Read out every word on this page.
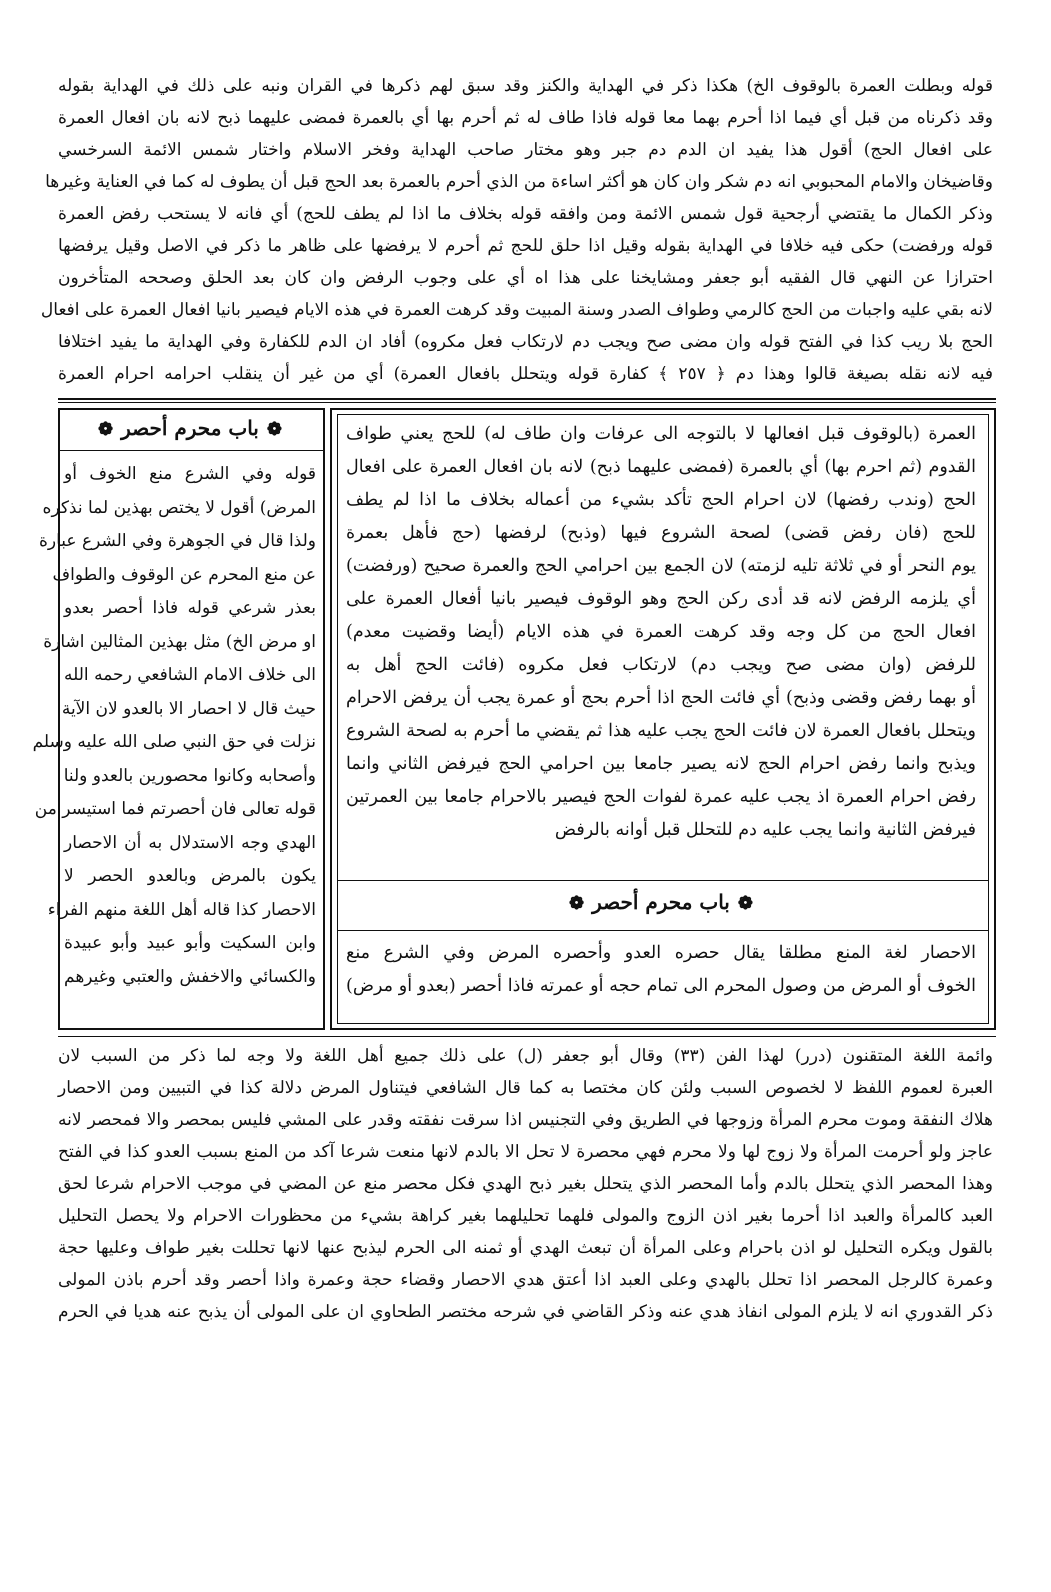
قوله وبطلت العمرة بالوقوف الخ) هكذا ذكر في الهداية والكنز وقد سبق لهم ذكرها في القران ونبه على ذلك في الهداية بقوله
وقد ذكرناه من قبل أي فيما اذا أحرم بهما معا قوله فاذا طاف له ثم أحرم بها أي بالعمرة فمضى عليهما ذبح لانه بان افعال العمرة
على افعال الحج) أقول هذا يفيد ان الدم دم جبر وهو مختار صاحب الهداية وفخر الاسلام واختار شمس الائمة السرخسي
وقاضيخان والامام المحبوبي انه دم شكر وان كان هو أكثر اساءة من الذي أحرم بالعمرة بعد الحج قبل أن يطوف له كما في العناية وغيرها
وذكر الكمال ما يقتضي أرجحية قول شمس الائمة ومن وافقه قوله بخلاف ما اذا لم يطف للحج) أي فانه لا يستحب رفض العمرة
قوله ورفضت) حكى فيه خلافا في الهداية بقوله وقيل اذا حلق للحج ثم أحرم لا يرفضها على ظاهر ما ذكر في الاصل وقيل يرفضها
احترازا عن النهي قال الفقيه أبو جعفر ومشايخنا على هذا اه أي على وجوب الرفض وان كان بعد الحلق وصححه المتأخرون
لانه بقي عليه واجبات من الحج كالرمي وطواف الصدر وسنة المبيت وقد كرهت العمرة في هذه الايام فيصير بانيا افعال العمرة على افعال
الحج بلا ريب كذا في الفتح قوله وان مضى صح ويجب دم لارتكاب فعل مكروه) أفاد ان الدم للكفارة وفي الهداية ما يفيد اختلافا
فيه لانه نقله بصيغة قالوا وهذا دم ﴿ ٢٥٧ ﴾ كفارة قوله ويتحلل بافعال العمرة) أي من غير أن ينقلب احرامه احرام العمرة
العمرة (بالوقوف قبل افعالها لا بالتوجه الى عرفات وان طاف له) للحج يعني طواف
القدوم (ثم احرم بها) أي بالعمرة (فمضى عليهما ذبح) لانه بان افعال العمرة على افعال
الحج (وندب رفضها) لان احرام الحج تأكد بشيء من أعماله بخلاف ما اذا لم يطف
للحج (فان رفض قضى) لصحة الشروع فيها (وذبح) لرفضها (حج فأهل بعمرة
يوم النحر أو في ثلاثة تليه لزمته) لان الجمع بين احرامي الحج والعمرة صحيح (ورفضت)
أي يلزمه الرفض لانه قد أدى ركن الحج وهو الوقوف فيصير بانيا أفعال العمرة على
افعال الحج من كل وجه وقد كرهت العمرة في هذه الايام (أيضا وقضيت معدم)
للرفض (وان مضى صح ويجب دم) لارتكاب فعل مكروه (فائت الحج أهل به
أو بهما رفض وقضى وذبح) أي فائت الحج اذا أحرم بحج أو عمرة يجب أن يرفض الاحرام
ويتحلل بافعال العمرة لان فائت الحج يجب عليه هذا ثم يقضي ما أحرم به لصحة الشروع
ويذبح وانما رفض احرام الحج لانه يصير جامعا بين احرامي الحج فيرفض الثاني وانما
رفض احرام العمرة اذ يجب عليه عمرة لفوات الحج فيصير بالاحرام جامعا بين العمرتين
فيرفض الثانية وانما يجب عليه دم للتحلل قبل أوانه بالرفض
❁باب محرم أحصر❁
الاحصار لغة المنع مطلقا يقال حصره العدو وأحصره المرض وفي الشرع منع
الخوف أو المرض من وصول المحرم الى تمام حجه أو عمرته فاذا أحصر (بعدو أو مرض)
❁باب محرم أحصر❁
قوله وفي الشرع منع الخوف أو
المرض) أقول لا يختص بهذين لما نذكره
ولذا قال في الجوهرة وفي الشرع عبارة
عن منع المحرم عن الوقوف والطواف
بعذر شرعي قوله فاذا أحصر بعدو
او مرض الخ) مثل بهذين المثالين اشارة
الى خلاف الامام الشافعي رحمه الله
حيث قال لا احصار الا بالعدو لان الآية
نزلت في حق النبي صلى الله عليه وسلم
وأصحابه وكانوا محصورين بالعدو ولنا
قوله تعالى فان أحصرتم فما استيسر من
الهدي وجه الاستدلال به أن الاحصار
يكون بالمرض وبالعدو الحصر لا
الاحصار كذا قاله أهل اللغة منهم الفراء
وابن السكيت وأبو عبيد وأبو عبيدة
والكسائي والاخفش والعتبي وغيرهم
وائمة اللغة المتقنون (درر) لهذا الفن (٣٣) وقال أبو جعفر (ل) على ذلك جميع أهل اللغة ولا وجه لما ذكر من السبب لان
العبرة لعموم اللفظ لا لخصوص السبب ولئن كان مختصا به كما قال الشافعي فيتناول المرض دلالة كذا في التبيين ومن الاحصار
هلاك النفقة وموت محرم المرأة وزوجها في الطريق وفي التجنيس اذا سرقت نفقته وقدر على المشي فليس بمحصر والا فمحصر لانه
عاجز ولو أحرمت المرأة ولا زوج لها ولا محرم فهي محصرة لا تحل الا بالدم لانها منعت شرعا آكد من المنع بسبب العدو كذا في الفتح
وهذا المحصر الذي يتحلل بالدم وأما المحصر الذي يتحلل بغير ذبح الهدي فكل محصر منع عن المضي في موجب الاحرام شرعا لحق
العبد كالمرأة والعبد اذا أحرما بغير اذن الزوج والمولى فلهما تحليلهما بغير كراهة بشيء من محظورات الاحرام ولا يحصل التحليل
بالقول ويكره التحليل لو اذن باحرام وعلى المرأة أن تبعث الهدي أو ثمنه الى الحرم ليذبح عنها لانها تحللت بغير طواف وعليها حجة
وعمرة كالرجل المحصر اذا تحلل بالهدي وعلى العبد اذا أعتق هدي الاحصار وقضاء حجة وعمرة واذا أحصر وقد أحرم باذن المولى
ذكر القدوري انه لا يلزم المولى انفاذ هدي عنه وذكر القاضي في شرحه مختصر الطحاوي ان على المولى أن يذبح عنه هديا في الحرم
